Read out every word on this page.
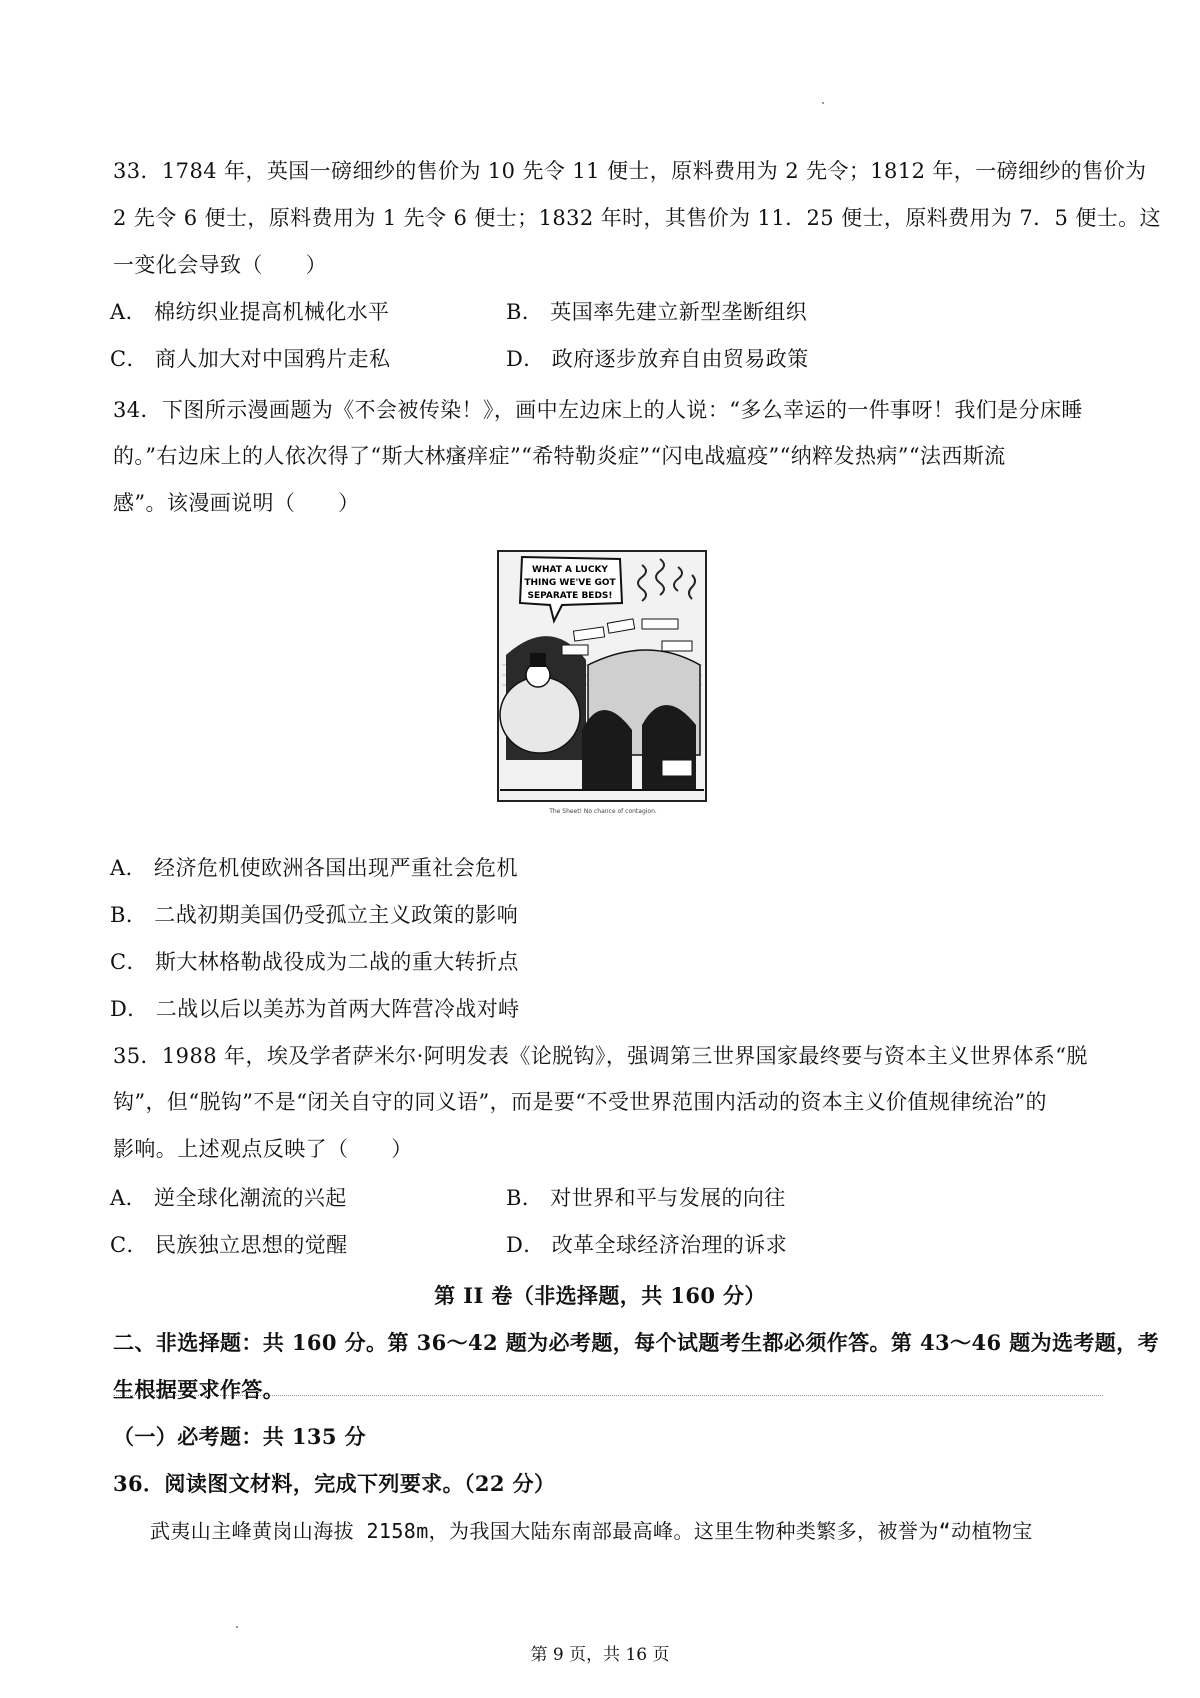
33．1784 年，英国一磅细纱的售价为 10 先令 11 便士，原料费用为 2 先令；1812 年，一磅细纱的售价为
2 先令 6 便士，原料费用为 1 先令 6 便士；1832 年时，其售价为 11．25 便士，原料费用为 7．5 便士。这
一变化会导致（　　）
A． 棉纺织业提高机械化水平	B． 英国率先建立新型垄断组织
C． 商人加大对中国鸦片走私	D． 政府逐步放弃自由贸易政策
34．下图所示漫画题为《不会被传染！》，画中左边床上的人说：“多么幸运的一件事呀！我们是分床睡
的。”右边床上的人依次得了“斯大林瘙痒症”“希特勒炎症”“闪电战瘟疫”“纳粹发热病”“法西斯流
感”。该漫画说明（　　）
WHAT A LUCKY
THING WE'VE GOT
SEPARATE BEDS!
The Sheet! No chance of contagion.
A． 经济危机使欧洲各国出现严重社会危机
B． 二战初期美国仍受孤立主义政策的影响
C． 斯大林格勒战役成为二战的重大转折点
D． 二战以后以美苏为首两大阵营冷战对峙
35．1988 年，埃及学者萨米尔·阿明发表《论脱钩》，强调第三世界国家最终要与资本主义世界体系“脱
钩”，但“脱钩”不是“闭关自守的同义语”，而是要“不受世界范围内活动的资本主义价值规律统治”的
影响。上述观点反映了（　　）
A． 逆全球化潮流的兴起	B． 对世界和平与发展的向往
C． 民族独立思想的觉醒	D． 改革全球经济治理的诉求
第 II 卷（非选择题，共 160 分）
二、非选择题：共 160 分。第 36～42 题为必考题，每个试题考生都必须作答。第 43～46 题为选考题，考
生根据要求作答。
（一）必考题：共 135 分
36．阅读图文材料，完成下列要求。（22 分）
武夷山主峰黄岗山海拔 2158m，为我国大陆东南部最高峰。这里生物种类繁多，被誉为“动植物宝
第 9 页，共 16 页
